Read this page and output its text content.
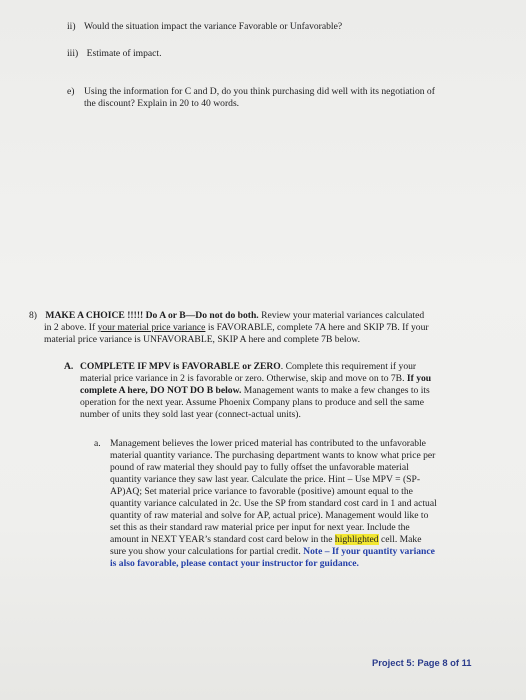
ii) Would the situation impact the variance Favorable or Unfavorable?
iii) Estimate of impact.
e) Using the information for C and D, do you think purchasing did well with its negotiation of
the discount? Explain in 20 to 40 words.
8) MAKE A CHOICE !!!!! Do A or B—Do not do both. Review your material variances calculated
in 2 above. If your material price variance is FAVORABLE, complete 7A here and SKIP 7B. If your
material price variance is UNFAVORABLE, SKIP A here and complete 7B below.
A. COMPLETE IF MPV is FAVORABLE or ZERO. Complete this requirement if your
material price variance in 2 is favorable or zero. Otherwise, skip and move on to 7B. If you
complete A here, DO NOT DO B below. Management wants to make a few changes to its
operation for the next year. Assume Phoenix Company plans to produce and sell the same
number of units they sold last year (connect-actual units).
a. Management believes the lower priced material has contributed to the unfavorable
material quantity variance. The purchasing department wants to know what price per
pound of raw material they should pay to fully offset the unfavorable material
quantity variance they saw last year. Calculate the price. Hint – Use MPV = (SP-
AP)AQ; Set material price variance to favorable (positive) amount equal to the
quantity variance calculated in 2c. Use the SP from standard cost card in 1 and actual
quantity of raw material and solve for AP, actual price). Management would like to
set this as their standard raw material price per input for next year. Include the
amount in NEXT YEAR’s standard cost card below in the highlighted cell. Make
sure you show your calculations for partial credit. Note – If your quantity variance
is also favorable, please contact your instructor for guidance.
Project 5: Page 8 of 11
